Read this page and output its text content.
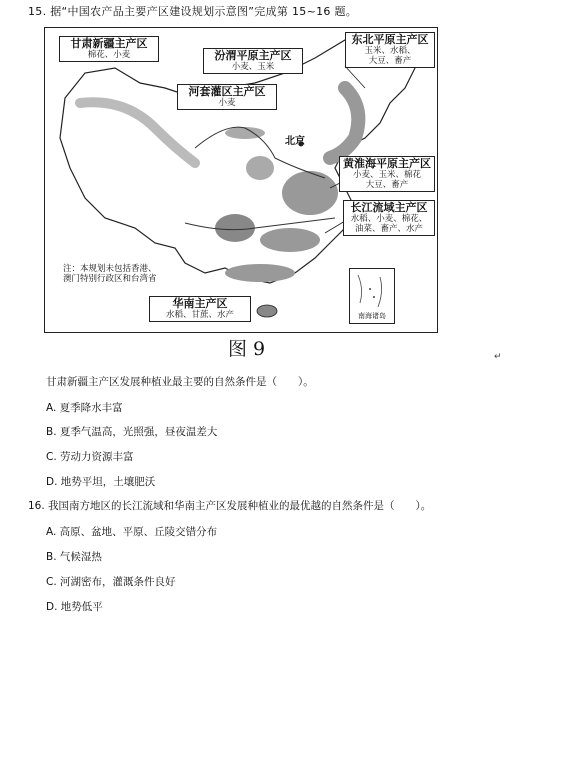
15. 据“中国农产品主要产区建设规划示意图”完成第 15~16 题。
甘肃新疆主产区
棉花、小麦	汾渭平原主产区
小麦、玉米
河套灌区主产区
小麦
东北平原主产区
玉米、水稻、
大豆、畜产
北京
黄淮海平原主产区
小麦、玉米、棉花
大豆、畜产
长江流域主产区
水稻、小麦、棉花、
油菜、畜产、水产
注：本规划未包括香港、
澳门特别行政区和台湾省
华南主产区
水稻、甘蔗、水产	南海诸岛
图 9	↵
甘肃新疆主产区发展种植业最主要的自然条件是（　　）。
A. 夏季降水丰富
B. 夏季气温高，光照强，昼夜温差大
C. 劳动力资源丰富
D. 地势平坦，土壤肥沃
16. 我国南方地区的长江流域和华南主产区发展种植业的最优越的自然条件是（　　）。
A. 高原、盆地、平原、丘陵交错分布
B. 气候湿热
C. 河湖密布，灌溉条件良好
D. 地势低平
